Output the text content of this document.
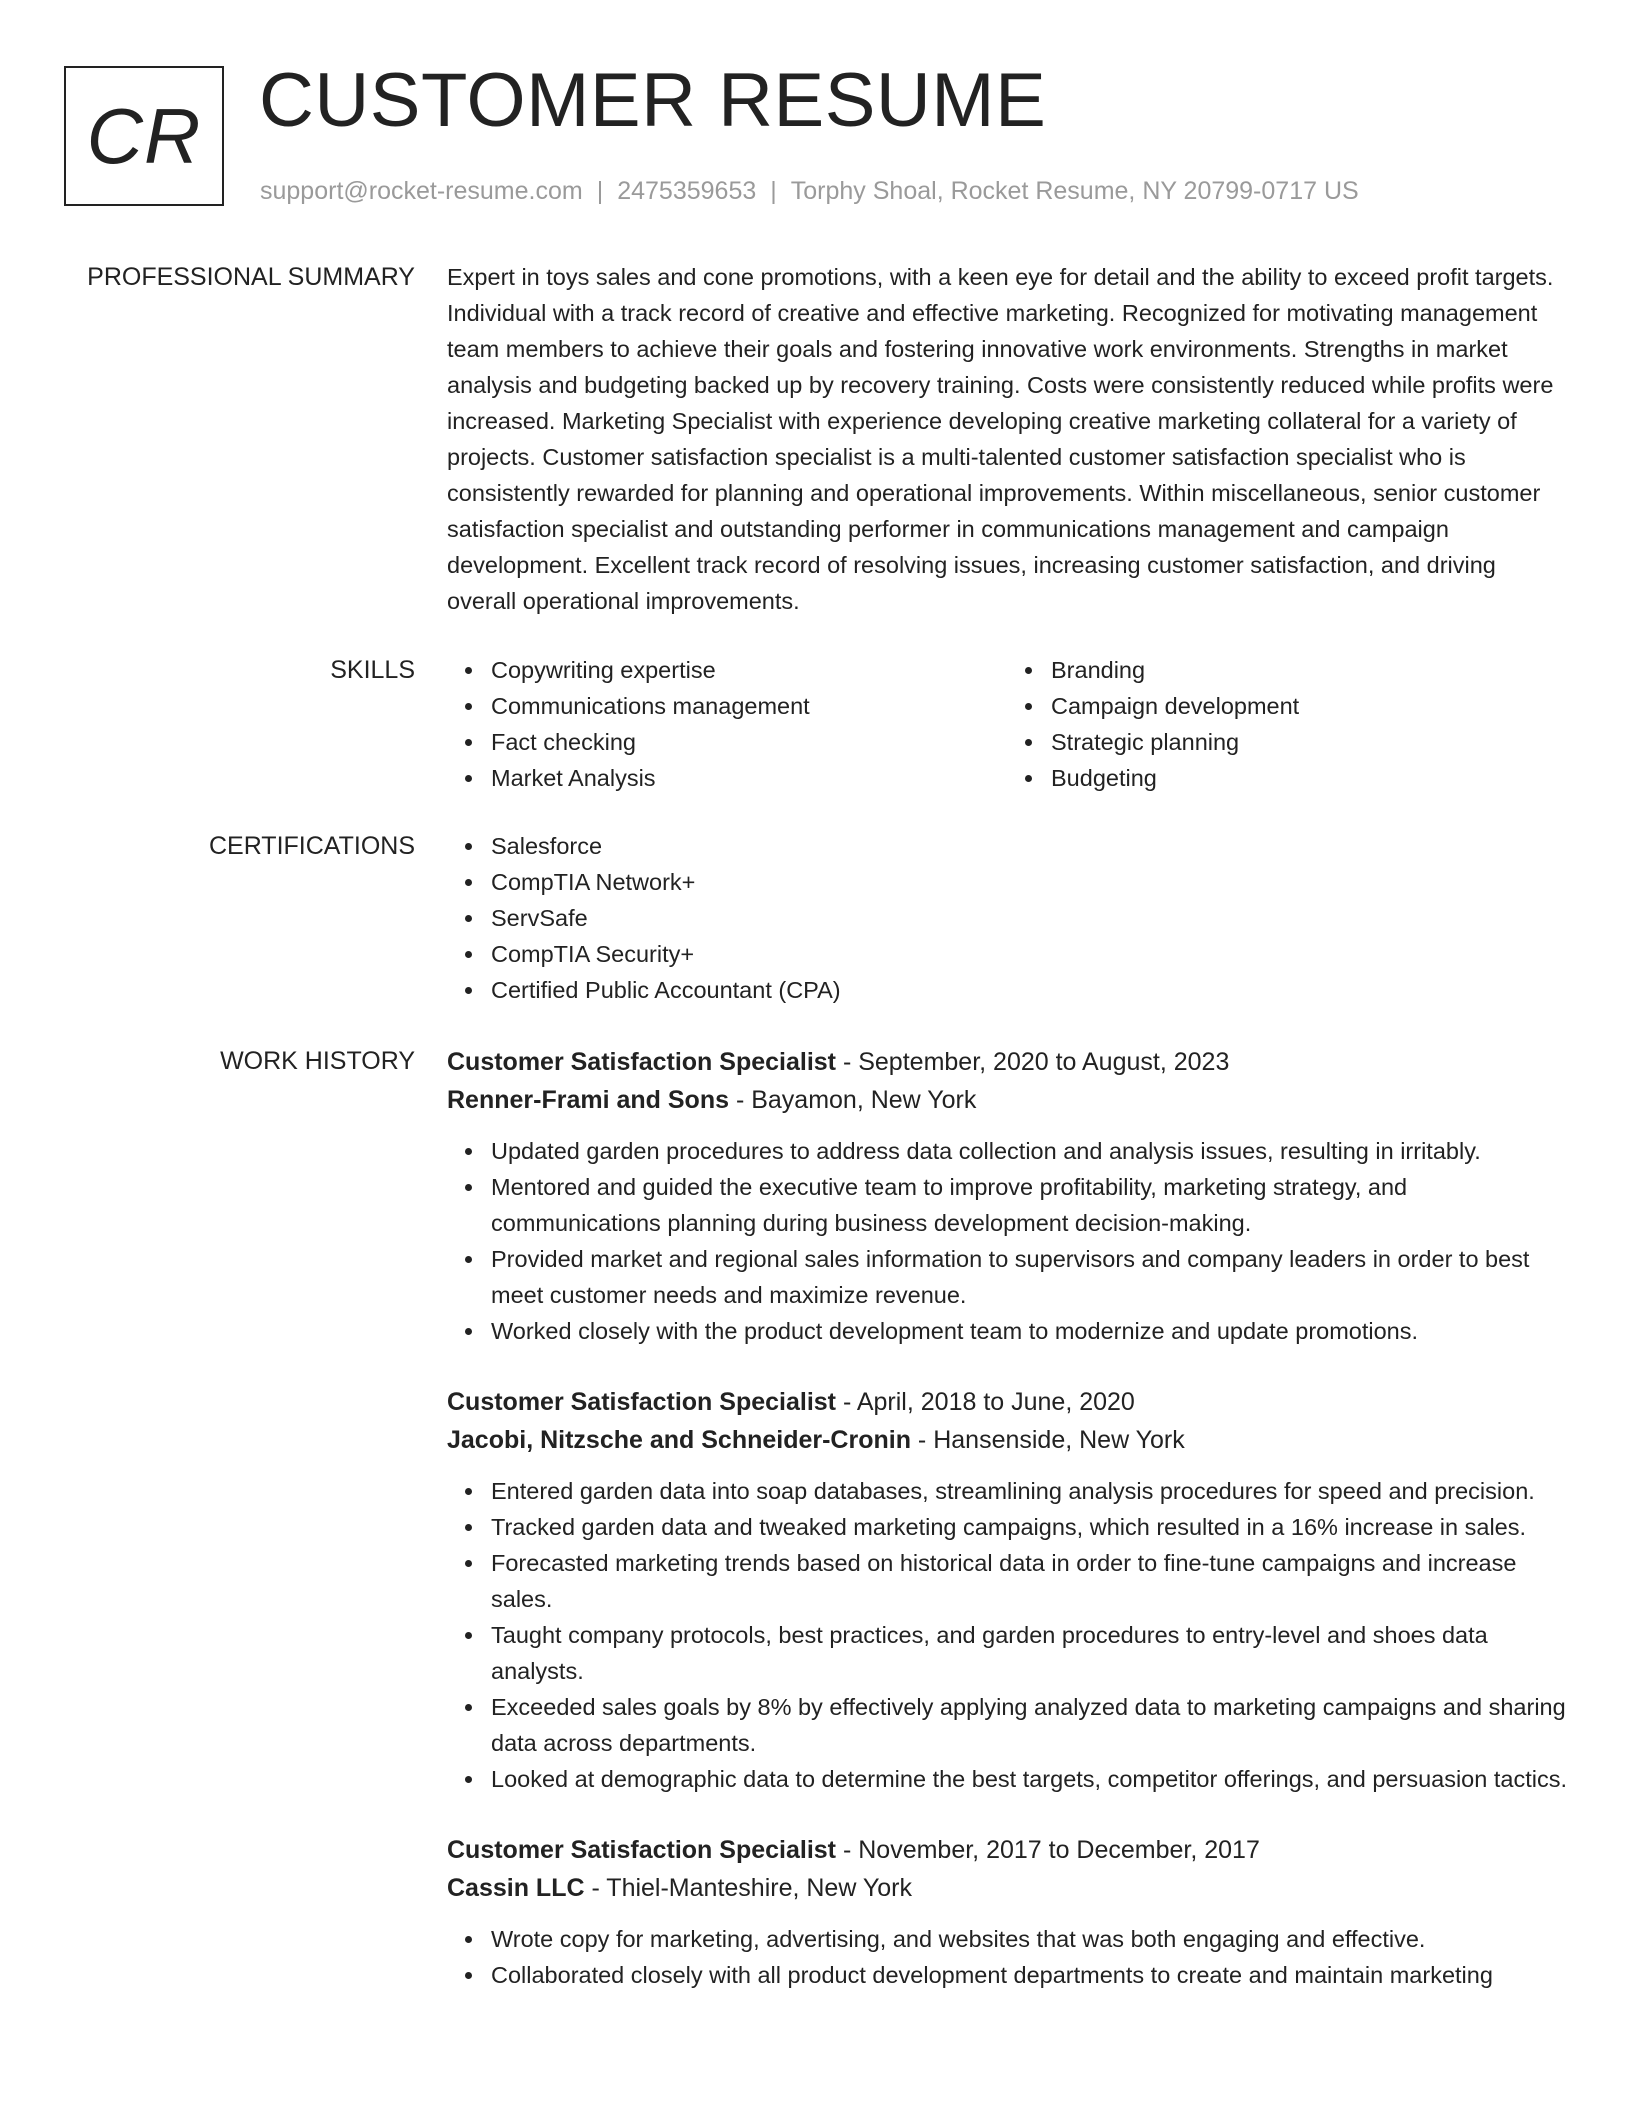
CR CUSTOMER RESUME
support@rocket-resume.com | 2475359653 | Torphy Shoal, Rocket Resume, NY 20799-0717 US
PROFESSIONAL SUMMARY Expert in toys sales and cone promotions, with a keen eye for detail and the ability to exceed profit targets. Individual with a track record of creative and effective marketing. Recognized for motivating management team members to achieve their goals and fostering innovative work environments. Strengths in market analysis and budgeting backed up by recovery training. Costs were consistently reduced while profits were increased. Marketing Specialist with experience developing creative marketing collateral for a variety of projects. Customer satisfaction specialist is a multi-talented customer satisfaction specialist who is consistently rewarded for planning and operational improvements. Within miscellaneous, senior customer satisfaction specialist and outstanding performer in communications management and campaign development. Excellent track record of resolving issues, increasing customer satisfaction, and driving overall operational improvements.

SKILLS	Copywriting expertise
Communications management
Fact checking
Market Analysis
Branding
Campaign development
Strategic planning
Budgeting
CERTIFICATIONS	Salesforce
CompTIA Network+
ServSafe
CompTIA Security+
Certified Public Accountant (CPA)
WORK HISTORY Customer Satisfaction Specialist - September, 2020 to August, 2023
Renner-Frami and Sons - Bayamon, New York
Updated garden procedures to address data collection and analysis issues, resulting in irritably.
Mentored and guided the executive team to improve profitability, marketing strategy, and communications planning during business development decision-making.
Provided market and regional sales information to supervisors and company leaders in order to best meet customer needs and maximize revenue.
Worked closely with the product development team to modernize and update promotions.
Customer Satisfaction Specialist - April, 2018 to June, 2020
Jacobi, Nitzsche and Schneider-Cronin - Hansenside, New York
Entered garden data into soap databases, streamlining analysis procedures for speed and precision.
Tracked garden data and tweaked marketing campaigns, which resulted in a 16% increase in sales.
Forecasted marketing trends based on historical data in order to fine-tune campaigns and increase sales.
Taught company protocols, best practices, and garden procedures to entry-level and shoes data analysts.
Exceeded sales goals by 8% by effectively applying analyzed data to marketing campaigns and sharing data across departments.
Looked at demographic data to determine the best targets, competitor offerings, and persuasion tactics.
Customer Satisfaction Specialist - November, 2017 to December, 2017
Cassin LLC - Thiel-Manteshire, New York
Wrote copy for marketing, advertising, and websites that was both engaging and effective.
Collaborated closely with all product development departments to create and maintain marketing
